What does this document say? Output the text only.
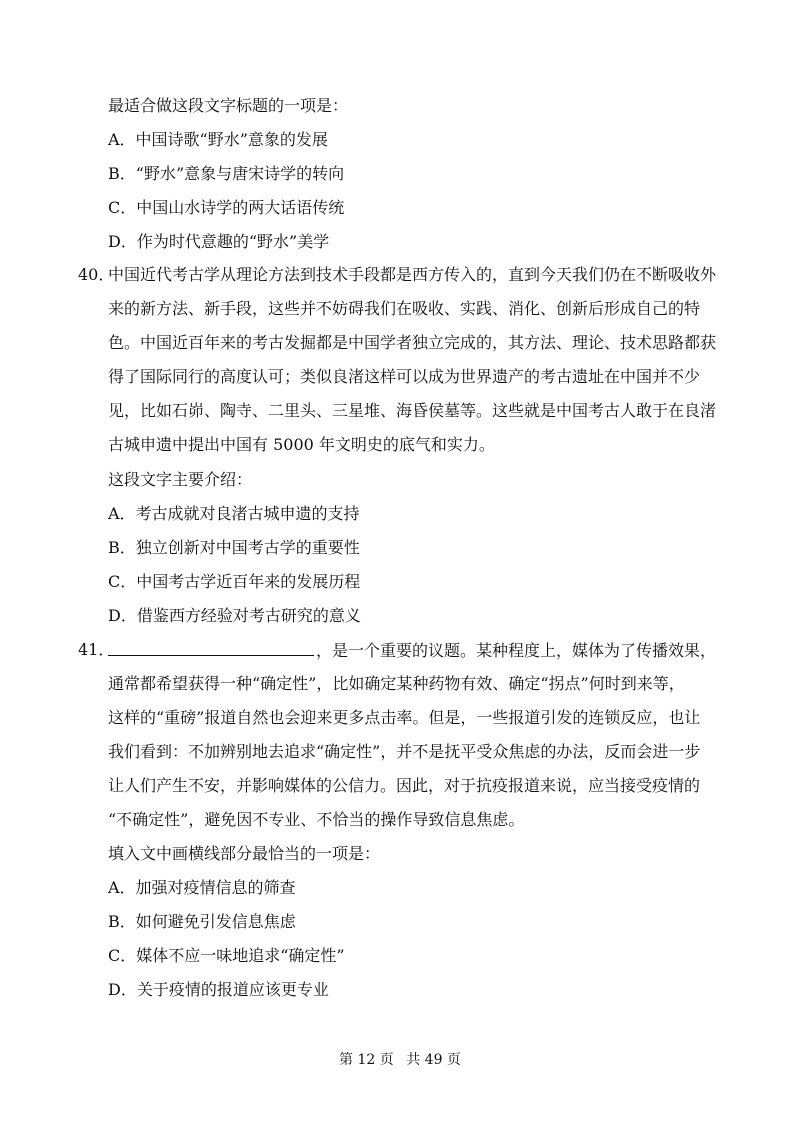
最适合做这段文字标题的一项是：
A．中国诗歌“野水”意象的发展
B．“野水”意象与唐宋诗学的转向
C．中国山水诗学的两大话语传统
D．作为时代意趣的“野水”美学
40．
中国近代考古学从理论方法到技术手段都是西方传入的，直到今天我们仍在不断吸收外
来的新方法、新手段，这些并不妨碍我们在吸收、实践、消化、创新后形成自己的特
色。中国近百年来的考古发掘都是中国学者独立完成的，其方法、理论、技术思路都获
得了国际同行的高度认可；类似良渚这样可以成为世界遗产的考古遗址在中国并不少
见，比如石峁、陶寺、二里头、三星堆、海昏侯墓等。这些就是中国考古人敢于在良渚
古城申遗中提出中国有 5000 年文明史的底气和实力。
这段文字主要介绍：
A．考古成就对良渚古城申遗的支持
B．独立创新对中国考古学的重要性
C．中国考古学近百年来的发展历程
D．借鉴西方经验对考古研究的意义
41．	，是一个重要的议题。某种程度上，媒体为了传播效果，
通常都希望获得一种“确定性”，比如确定某种药物有效、确定“拐点”何时到来等，
这样的“重磅”报道自然也会迎来更多点击率。但是，一些报道引发的连锁反应，也让
我们看到：不加辨别地去追求“确定性”，并不是抚平受众焦虑的办法，反而会进一步
让人们产生不安，并影响媒体的公信力。因此，对于抗疫报道来说，应当接受疫情的
“不确定性”，避免因不专业、不恰当的操作导致信息焦虑。
填入文中画横线部分最恰当的一项是：
A．加强对疫情信息的筛查
B．如何避免引发信息焦虑
C．媒体不应一味地追求“确定性”
D．关于疫情的报道应该更专业
第 12 页 共 49 页
